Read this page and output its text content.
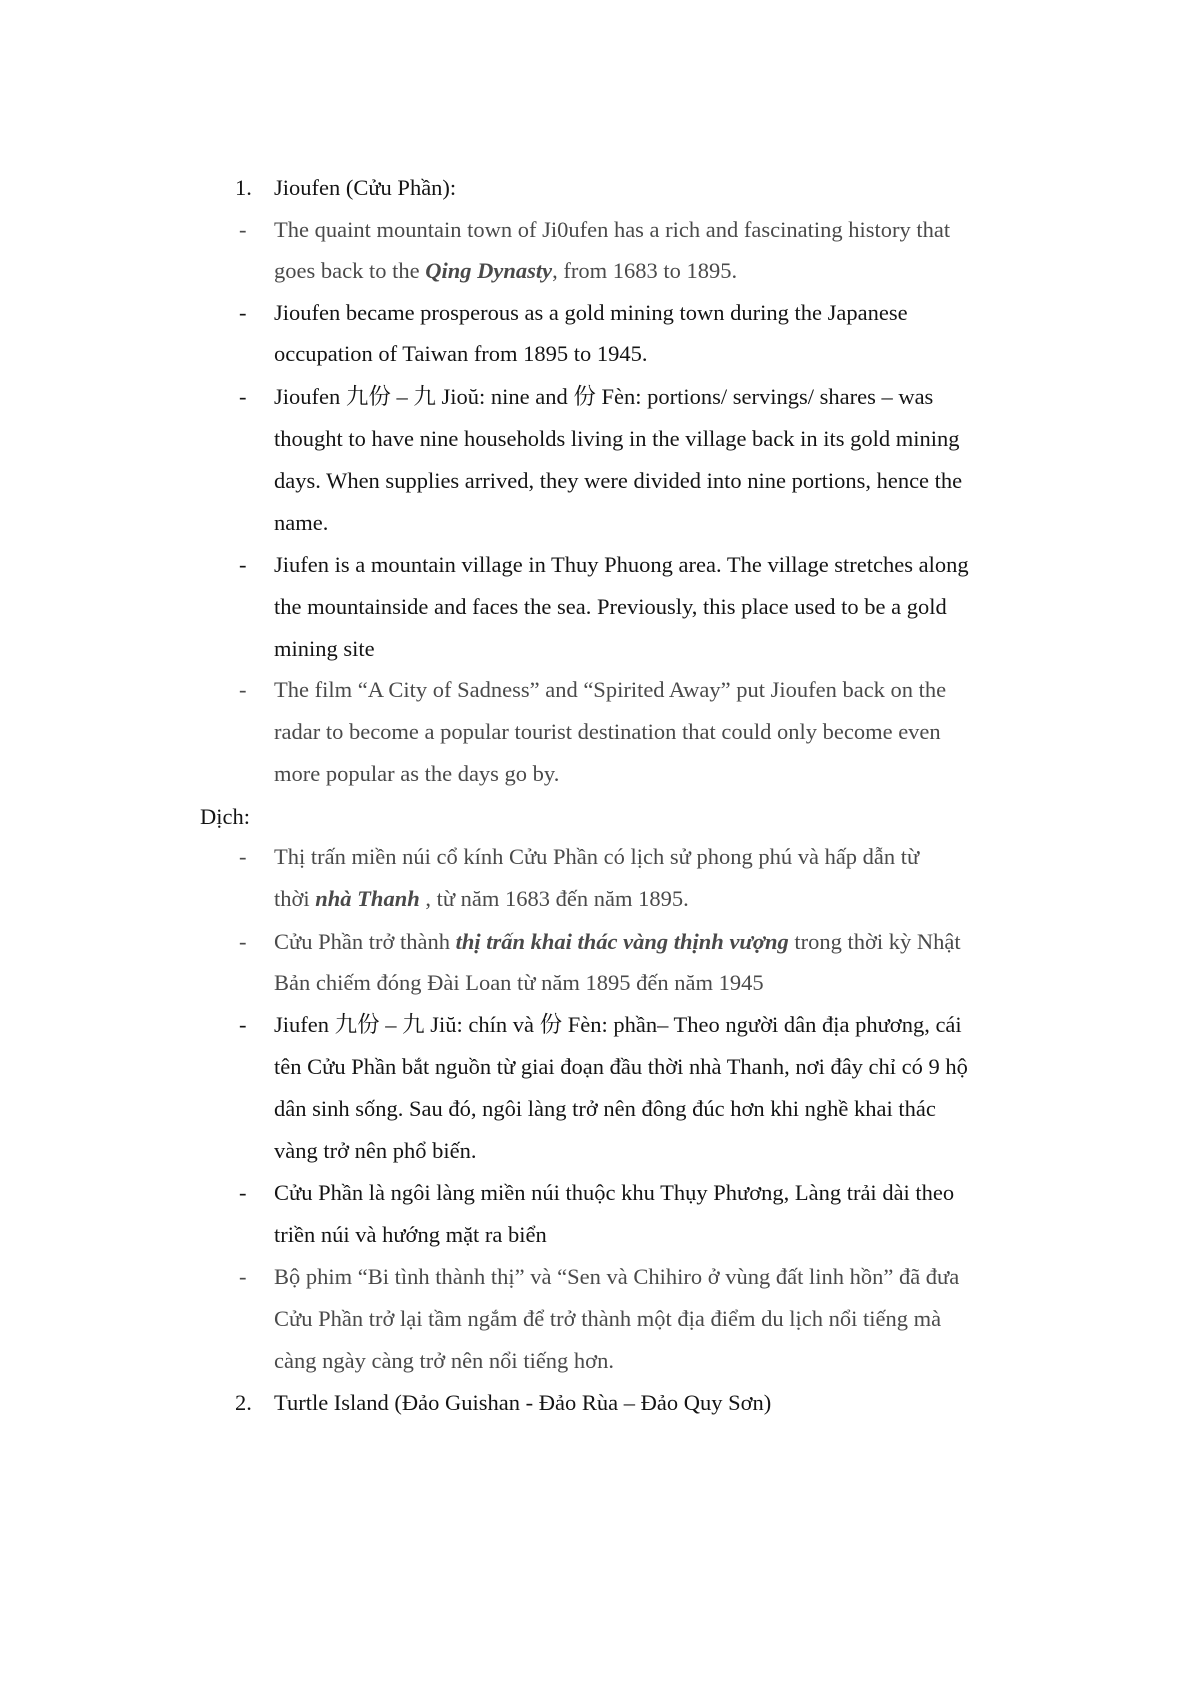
1. Jioufen (Cửu Phần):
- The quaint mountain town of Ji0ufen has a rich and fascinating history that
goes back to the Qing Dynasty, from 1683 to 1895.
- Jioufen became prosperous as a gold mining town during the Japanese
occupation of Taiwan from 1895 to 1945.
- Jioufen 九份 – 九 Jioŭ: nine and 份 Fèn: portions/ servings/ shares – was
thought to have nine households living in the village back in its gold mining
days. When supplies arrived, they were divided into nine portions, hence the
name.
- Jiufen is a mountain village in Thuy Phuong area. The village stretches along
the mountainside and faces the sea. Previously, this place used to be a gold
mining site
- The film “A City of Sadness” and “Spirited Away” put Jioufen back on the
radar to become a popular tourist destination that could only become even
more popular as the days go by.
Dịch:
- Thị trấn miền núi cổ kính Cửu Phần có lịch sử phong phú và hấp dẫn từ
thời nhà Thanh , từ năm 1683 đến năm 1895.
- Cửu Phần trở thành thị trấn khai thác vàng thịnh vượng trong thời kỳ Nhật
Bản chiếm đóng Đài Loan từ năm 1895 đến năm 1945
- Jiufen 九份 – 九 Jiŭ: chín và 份 Fèn: phần– Theo người dân địa phương, cái
tên Cửu Phần bắt nguồn từ giai đoạn đầu thời nhà Thanh, nơi đây chỉ có 9 hộ
dân sinh sống. Sau đó, ngôi làng trở nên đông đúc hơn khi nghề khai thác
vàng trở nên phổ biến.
- Cửu Phần là ngôi làng miền núi thuộc khu Thụy Phương, Làng trải dài theo
triền núi và hướng mặt ra biển
- Bộ phim “Bi tình thành thị” và “Sen và Chihiro ở vùng đất linh hồn” đã đưa
Cửu Phần trở lại tầm ngắm để trở thành một địa điểm du lịch nổi tiếng mà
càng ngày càng trở nên nổi tiếng hơn.
2. Turtle Island (Đảo Guishan - Đảo Rùa – Đảo Quy Sơn)
